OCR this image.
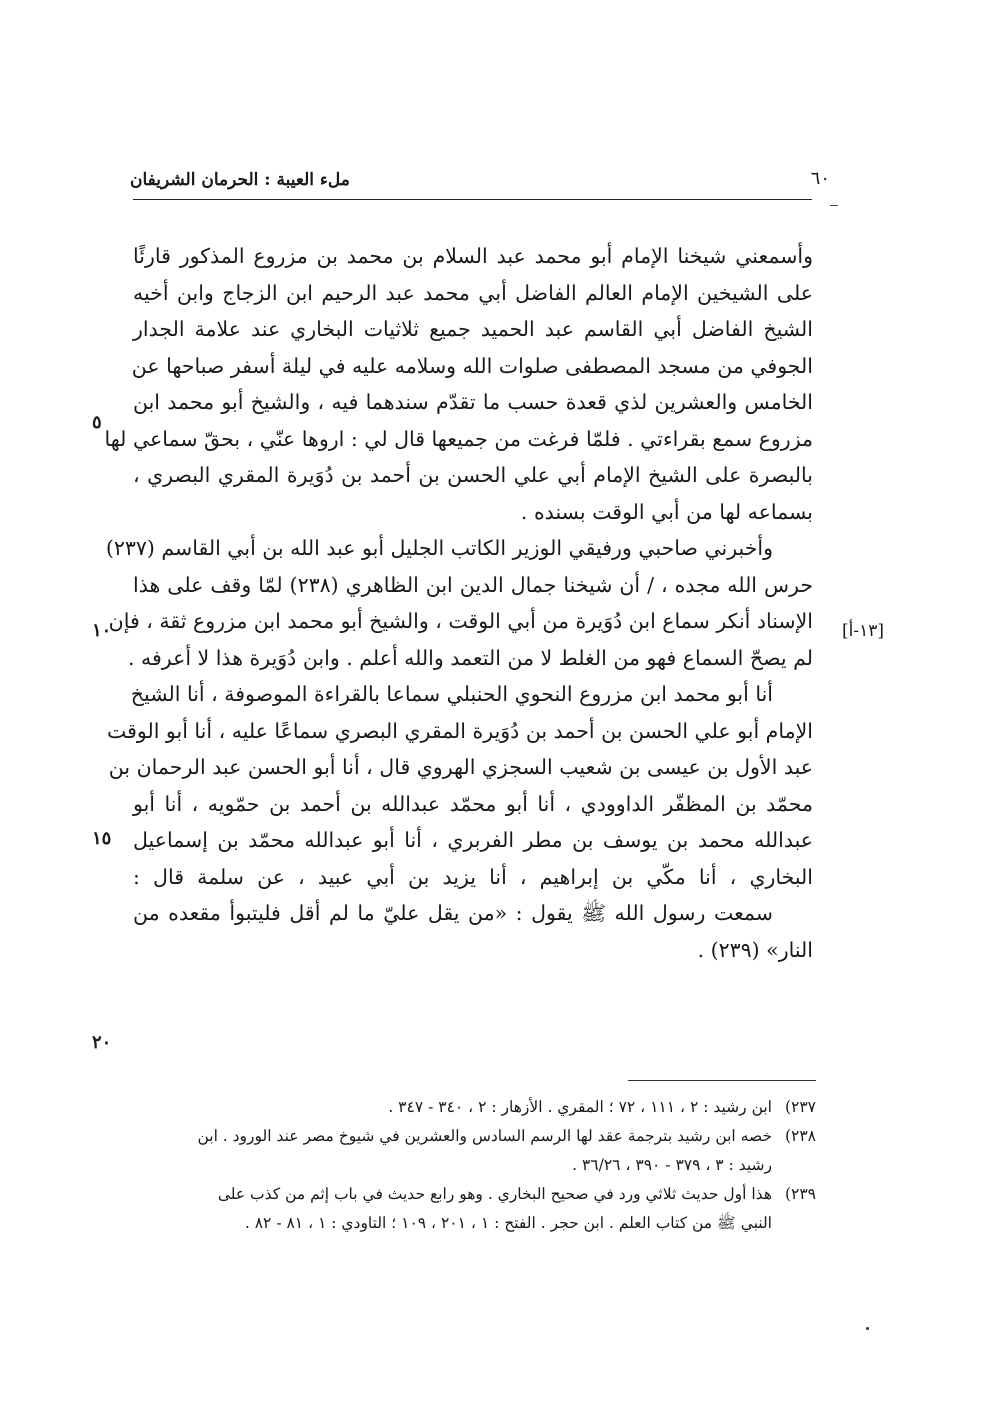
ملء العيبة : الحرمان الشريفان	٦٠
وأسمعني شيخنا الإمام أبو محمد عبد السلام بن محمد بن مزروع المذكور قارئًا
على الشيخين الإمام العالم الفاضل أبي محمد عبد الرحيم ابن الزجاج وابن أخيه
الشيخ الفاضل أبي القاسم عبد الحميد جميع ثلاثيات البخاري عند علامة الجدار
الجوفي من مسجد المصطفى صلوات الله وسلامه عليه في ليلة أسفر صباحها عن
الخامس والعشرين لذي قعدة حسب ما تقدّم سندهما فيه ، والشيخ أبو محمد ابن
مزروع سمع بقراءتي . فلمّا فرغت من جميعها قال لي : اروها عنّي ، بحقّ سماعي لها
بالبصرة على الشيخ الإمام أبي علي الحسن بن أحمد بن دُوَيرة المقري البصري ،
بسماعه لها من أبي الوقت بسنده .
وأخبرني صاحبي ورفيقي الوزير الكاتب الجليل أبو عبد الله بن أبي القاسم (٢٣٧)
حرس الله مجده ، / أن شيخنا جمال الدين ابن الظاهري (٢٣٨) لمّا وقف على هذا
الإسناد أنكر سماع ابن دُوَيرة من أبي الوقت ، والشيخ أبو محمد ابن مزروع ثقة ، فإن
لم يصحّ السماع فهو من الغلط لا من التعمد والله أعلم . وابن دُوَيرة هذا لا أعرفه .
أنا أبو محمد ابن مزروع النحوي الحنبلي سماعا بالقراءة الموصوفة ، أنا الشيخ
الإمام أبو علي الحسن بن أحمد بن دُوَيرة المقري البصري سماعًا عليه ، أنا أبو الوقت
عبد الأول بن عيسى بن شعيب السجزي الهروي قال ، أنا أبو الحسن عبد الرحمان بن
محمّد بن المظفّر الداوودي ، أنا أبو محمّد عبدالله بن أحمد بن حمّويه ، أنا أبو
عبدالله محمد بن يوسف بن مطر الفربري ، أنا أبو عبدالله محمّد بن إسماعيل
البخاري ، أنا مكّي بن إبراهيم ، أنا يزيد بن أبي عبيد ، عن سلمة قال :
سمعت رسول الله ﷺ يقول : «من يقل عليّ ما لم أقل فليتبوأ مقعده من
النار» (٢٣٩) .
٥
١٠
١٥
٢٠
[١٣-أ]
٢٣٧)ابن رشيد : ٢ ، ١١١ ، ٧٢ ؛ المقري . الأزهار : ٢ ، ٣٤٠ - ٣٤٧ .
٢٣٨)خصه ابن رشيد بترجمة عقد لها الرسم السادس والعشرين في شيوخ مصر عند الورود . ابن
رشيد : ٣ ، ٣٧٩ - ٣٩٠ ، ٣٦/٢٦ .
٢٣٩)هذا أول حديث ثلاثي ورد في صحيح البخاري . وهو رابع حديث في باب إثم من كذب على
النبي ﷺ من كتاب العلم . ابن حجر . الفتح : ١ ، ٢٠١ ، ١٠٩ ؛ التاودي : ١ ، ٨١ - ٨٢ .
